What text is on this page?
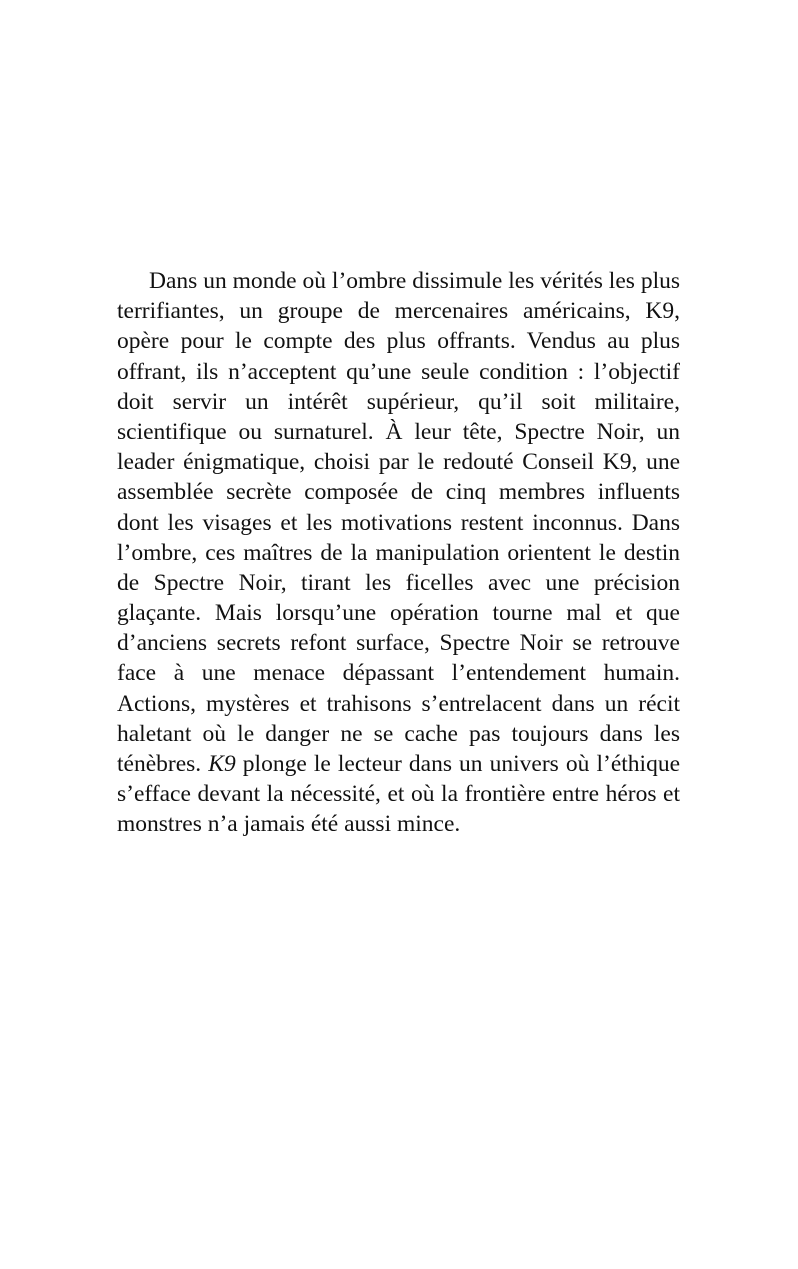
Dans un monde où l’ombre dissimule les vérités les plus
terrifiantes, un groupe de mercenaires américains, K9,
opère pour le compte des plus offrants. Vendus au plus
offrant, ils n’acceptent qu’une seule condition : l’objectif
doit servir un intérêt supérieur, qu’il soit militaire,
scientifique ou surnaturel. À leur tête, Spectre Noir, un
leader énigmatique, choisi par le redouté Conseil K9, une
assemblée secrète composée de cinq membres influents
dont les visages et les motivations restent inconnus. Dans
l’ombre, ces maîtres de la manipulation orientent le destin
de Spectre Noir, tirant les ficelles avec une précision
glaçante. Mais lorsqu’une opération tourne mal et que
d’anciens secrets refont surface, Spectre Noir se retrouve
face à une menace dépassant l’entendement humain.
Actions, mystères et trahisons s’entrelacent dans un récit
haletant où le danger ne se cache pas toujours dans les
ténèbres. K9 plonge le lecteur dans un univers où l’éthique
s’efface devant la nécessité, et où la frontière entre héros et
monstres n’a jamais été aussi mince.
